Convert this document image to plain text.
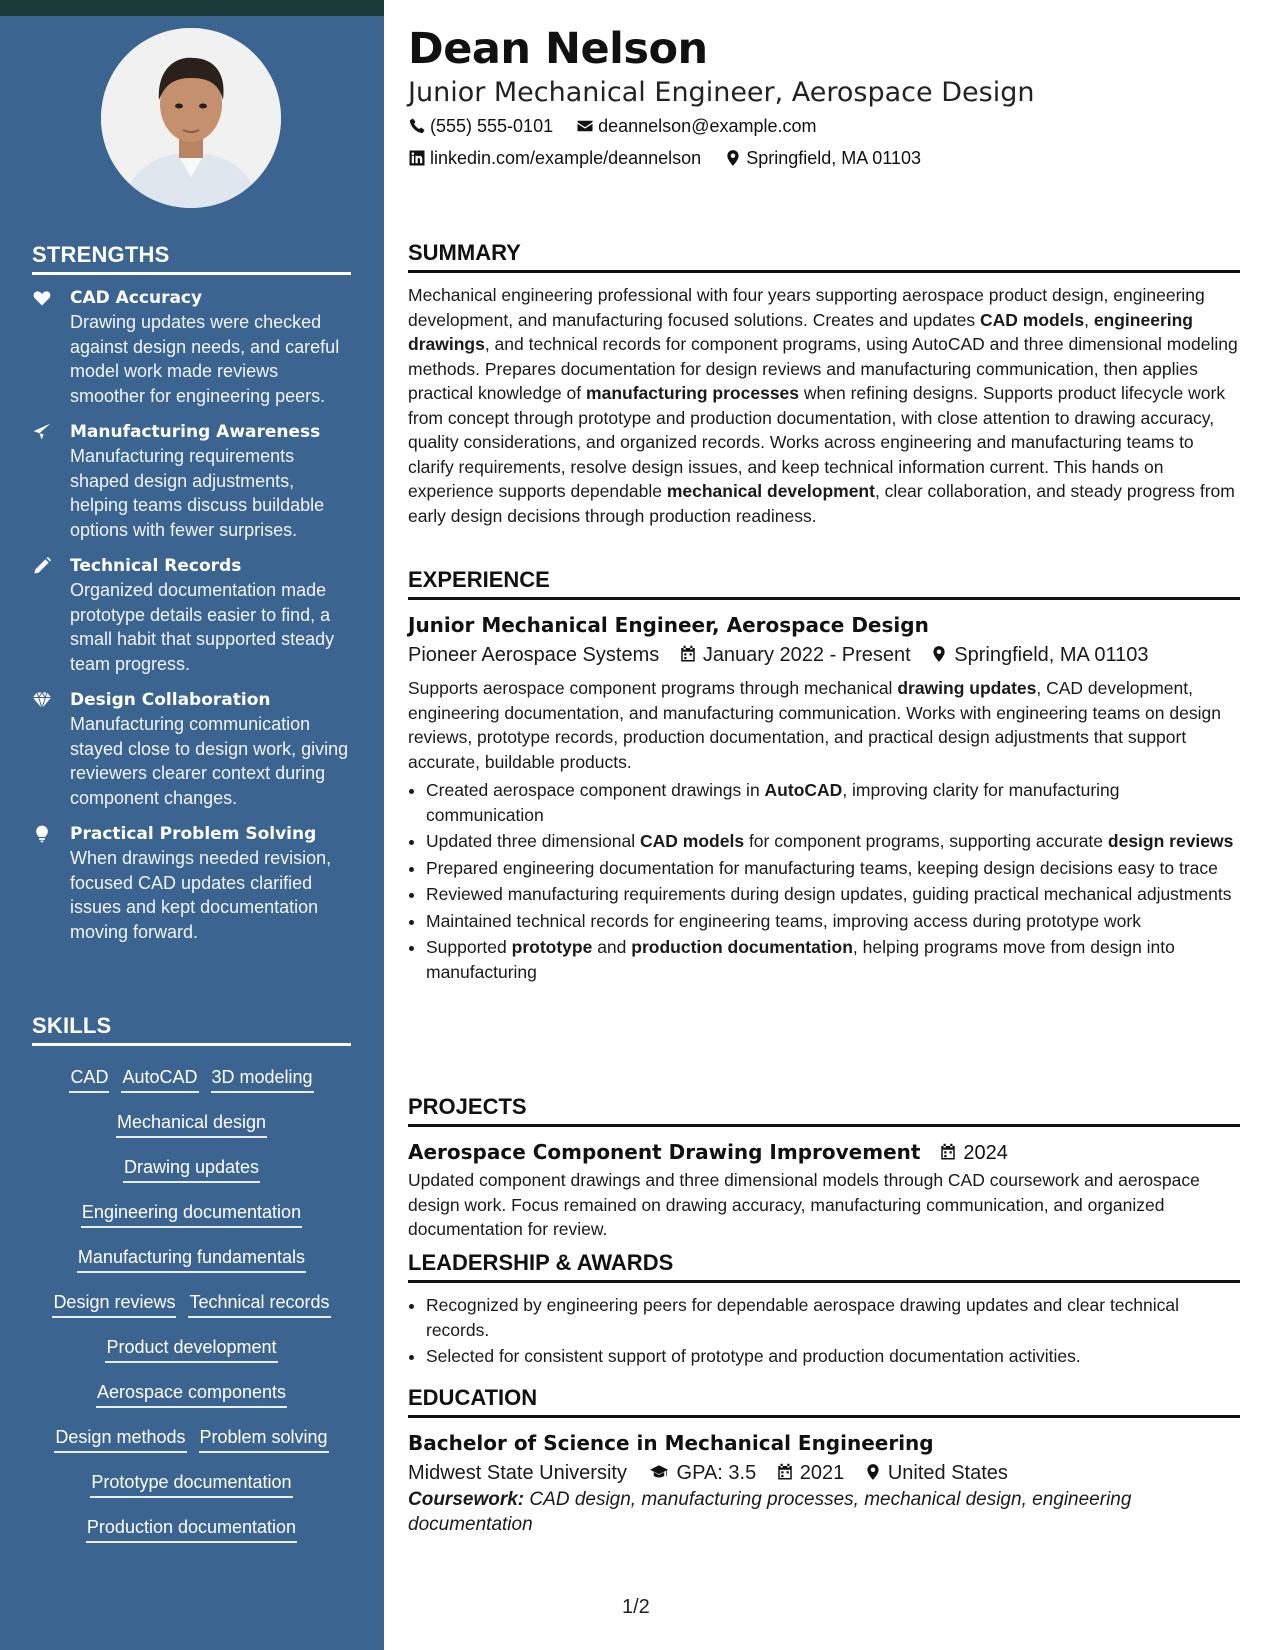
STRENGTHS
CAD Accuracy
Drawing updates were checked against design needs, and careful model work made reviews smoother for engineering peers.
Manufacturing Awareness
Manufacturing requirements shaped design adjustments, helping teams discuss buildable options with fewer surprises.
Technical Records
Organized documentation made prototype details easier to find, a small habit that supported steady team progress.
Design Collaboration
Manufacturing communication stayed close to design work, giving reviewers clearer context during component changes.
Practical Problem Solving
When drawings needed revision, focused CAD updates clarified issues and kept documentation moving forward.
SKILLS
CAD AutoCAD 3D modeling
Mechanical design
Drawing updates
Engineering documentation
Manufacturing fundamentals
Design reviews Technical records
Product development
Aerospace components
Design methods Problem solving
Prototype documentation
Production documentation
Dean Nelson
Junior Mechanical Engineer, Aerospace Design
(555) 555-0101	deannelson@example.com
linkedin.com/example/deannelson	Springfield, MA 01103
SUMMARY

Mechanical engineering professional with four years supporting aerospace product design, engineering development, and manufacturing focused solutions. Creates and updates CAD models, engineering drawings, and technical records for component programs, using AutoCAD and three dimensional modeling methods. Prepares documentation for design reviews and manufacturing communication, then applies practical knowledge of manufacturing processes when refining designs. Supports product lifecycle work from concept through prototype and production documentation, with close attention to drawing accuracy, quality considerations, and organized records. Works across engineering and manufacturing teams to clarify requirements, resolve design issues, and keep technical information current. This hands on experience supports dependable mechanical development, clear collaboration, and steady progress from early design decisions through production readiness.

EXPERIENCE
Junior Mechanical Engineer, Aerospace Design
Pioneer Aerospace Systems January 2022 - Present Springfield, MA 01103

Supports aerospace component programs through mechanical drawing updates, CAD development, engineering documentation, and manufacturing communication. Works with engineering teams on design reviews, prototype records, production documentation, and practical design adjustments that support accurate, buildable products.

• Created aerospace component drawings in AutoCAD, improving clarity for manufacturing communication
• Updated three dimensional CAD models for component programs, supporting accurate design reviews
• Prepared engineering documentation for manufacturing teams, keeping design decisions easy to trace
• Reviewed manufacturing requirements during design updates, guiding practical mechanical adjustments
• Maintained technical records for engineering teams, improving access during prototype work
• Supported prototype and production documentation, helping programs move from design into manufacturing
PROJECTS
Aerospace Component Drawing Improvement 2024

Updated component drawings and three dimensional models through CAD coursework and aerospace design work. Focus remained on drawing accuracy, manufacturing communication, and organized documentation for review.

LEADERSHIP & AWARDS
• Recognized by engineering peers for dependable aerospace drawing updates and clear technical records.
• Selected for consistent support of prototype and production documentation activities.
EDUCATION
Bachelor of Science in Mechanical Engineering
Midwest State University GPA: 3.5 2021 United States
Coursework: CAD design, manufacturing processes, mechanical design, engineering documentation
1/2
